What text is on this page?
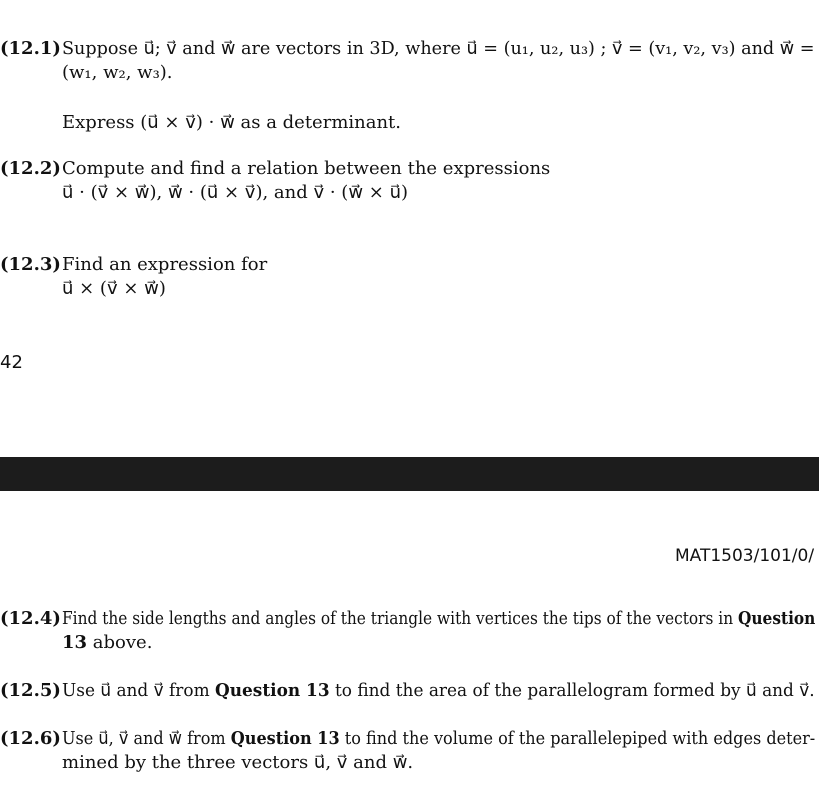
(12.1) Suppose u⃗; v⃗ and w⃗ are vectors in 3D, where u⃗ = (u₁, u₂, u₃) ; v⃗ = (v₁, v₂, v₃) and w⃗ =
(w₁, w₂, w₃).
Express (u⃗ × v⃗) · w⃗ as a determinant.
(12.2) Compute and find a relation between the expressions
u⃗ · (v⃗ × w⃗), w⃗ · (u⃗ × v⃗), and v⃗ · (w⃗ × u⃗)
(12.3) Find an expression for
u⃗ × (v⃗ × w⃗)
42
MAT1503/101/0/
(12.4) Find the side lengths and angles of the triangle with vertices the tips of the vectors in Question
13 above.
(12.5) Use u⃗ and v⃗ from Question 13 to find the area of the parallelogram formed by u⃗ and v⃗.
(12.6) Use u⃗, v⃗ and w⃗ from Question 13 to find the volume of the parallelepiped with edges deter-
mined by the three vectors u⃗, v⃗ and w⃗.
